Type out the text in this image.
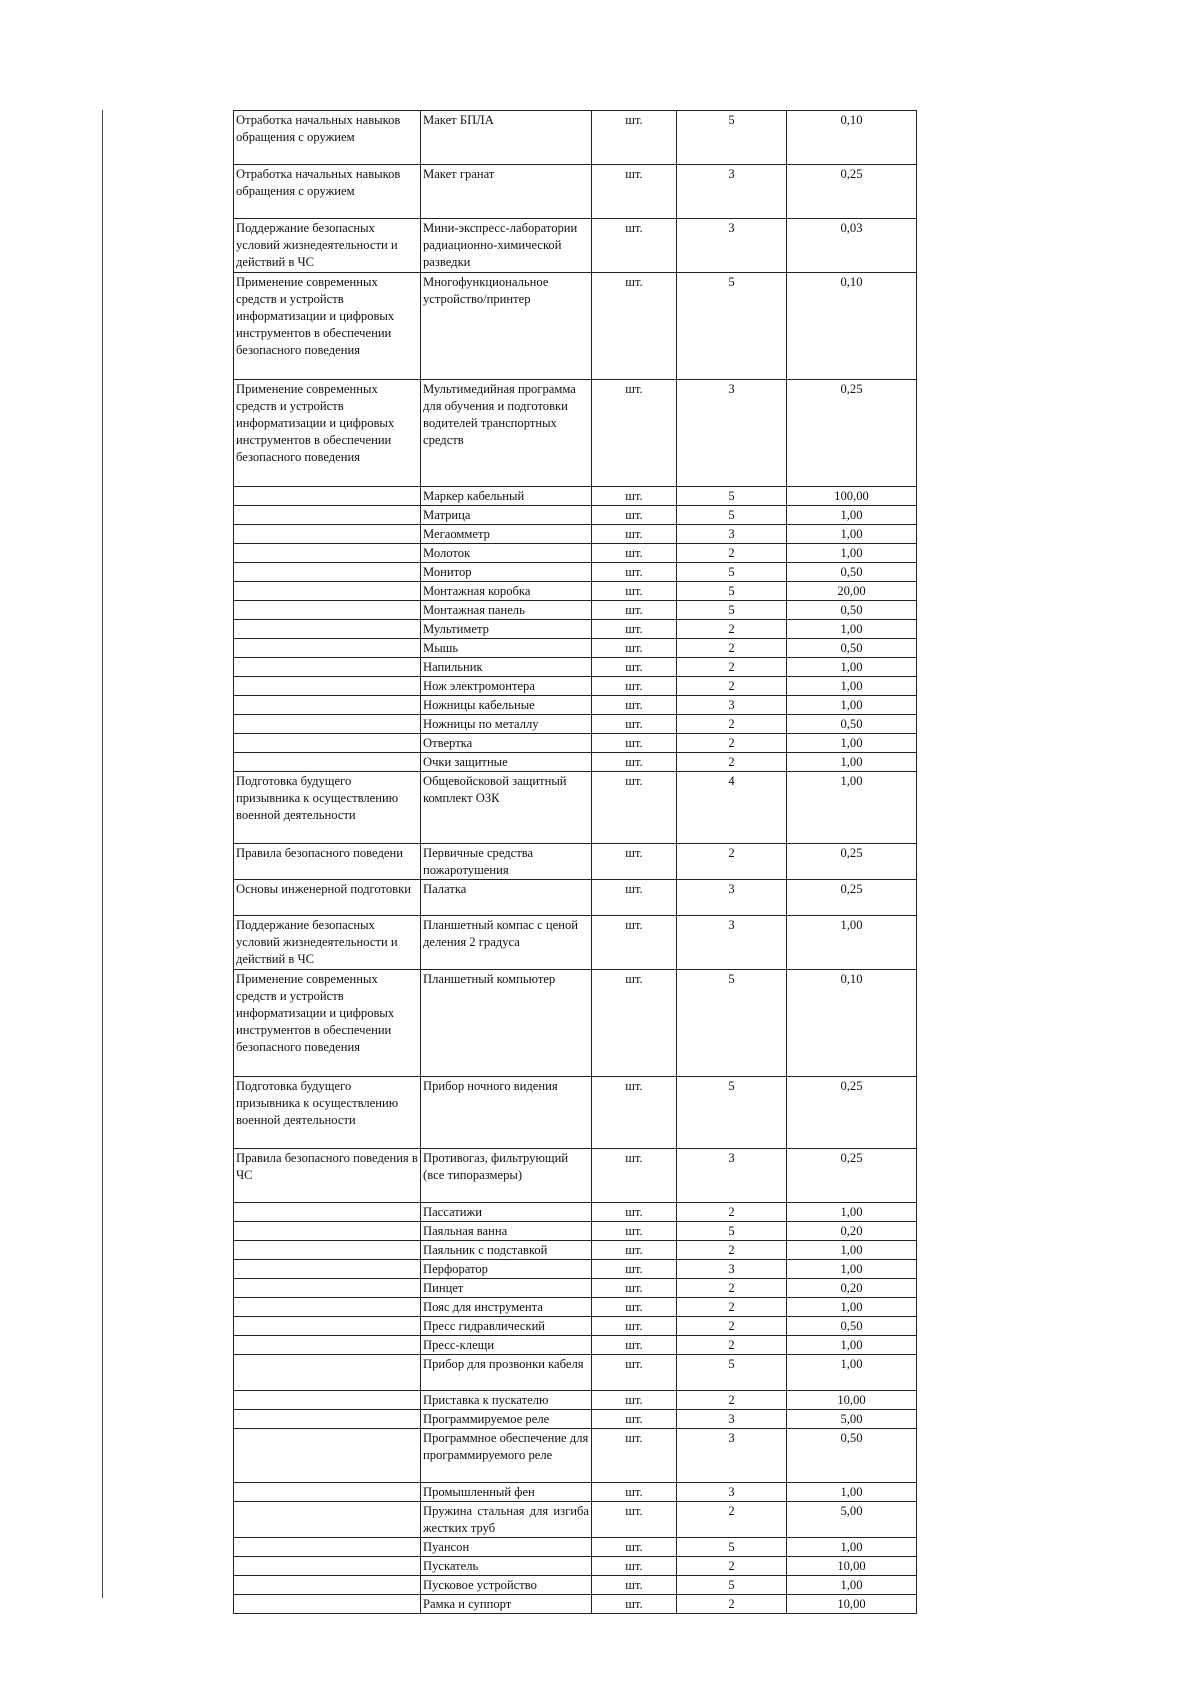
Отработка начальных навыков обращения с оружием	Макет БПЛА	шт.	5	0,10
Отработка начальных навыков обращения с оружием	Макет гранат	шт.	3	0,25
Поддержание безопасных условий жизнедеятельности и действий в ЧС	Мини-экспресс-лаборатории радиационно-химической разведки	шт.	3	0,03
Применение современных средств и устройств информатизации и цифровых инструментов в обеспечении безопасного поведения	Многофункциональное устройство/принтер	шт.	5	0,10
Применение современных средств и устройств информатизации и цифровых инструментов в обеспечении безопасного поведения	Мультимедийная программа для обучения и подготовки водителей транспортных средств	шт.	3	0,25
	Маркер кабельный	шт.	5	100,00
	Матрица	шт.	5	1,00
	Мегаомметр	шт.	3	1,00
	Молоток	шт.	2	1,00
	Монитор	шт.	5	0,50
	Монтажная коробка	шт.	5	20,00
	Монтажная панель	шт.	5	0,50
	Мультиметр	шт.	2	1,00
	Мышь	шт.	2	0,50
	Напильник	шт.	2	1,00
	Нож электромонтера	шт.	2	1,00
	Ножницы кабельные	шт.	3	1,00
	Ножницы по металлу	шт.	2	0,50
	Отвертка	шт.	2	1,00
	Очки защитные	шт.	2	1,00
Подготовка будущего призывника к осуществлению военной деятельности	Общевойсковой защитный комплект ОЗК	шт.	4	1,00
Правила безопасного поведени	Первичные средства пожаротушения	шт.	2	0,25
Основы инженерной подготовки	Палатка	шт.	3	0,25
Поддержание безопасных условий жизнедеятельности и действий в ЧС	Планшетный компас с ценой деления 2 градуса	шт.	3	1,00
Применение современных средств и устройств информатизации и цифровых инструментов в обеспечении безопасного поведения	Планшетный компьютер	шт.	5	0,10
Подготовка будущего призывника к осуществлению военной деятельности	Прибор ночного видения	шт.	5	0,25
Правила безопасного поведения в ЧС	Противогаз, фильтрующий (все типоразмеры)	шт.	3	0,25
	Пассатижи	шт.	2	1,00
	Паяльная ванна	шт.	5	0,20
	Паяльник с подставкой	шт.	2	1,00
	Перфоратор	шт.	3	1,00
	Пинцет	шт.	2	0,20
	Пояс для инструмента	шт.	2	1,00
	Пресс гидравлический	шт.	2	0,50
	Пресс-клещи	шт.	2	1,00
	Прибор для прозвонки кабеля	шт.	5	1,00
	Приставка к пускателю	шт.	2	10,00
	Программируемое реле	шт.	3	5,00
	Программное обеспечение для программируемого реле	шт.	3	0,50
	Промышленный фен	шт.	3	1,00
	Пружина стальная для изгиба жестких труб	шт.	2	5,00
	Пуансон	шт.	5	1,00
	Пускатель	шт.	2	10,00
	Пусковое устройство	шт.	5	1,00
	Рамка и суппорт	шт.	2	10,00
